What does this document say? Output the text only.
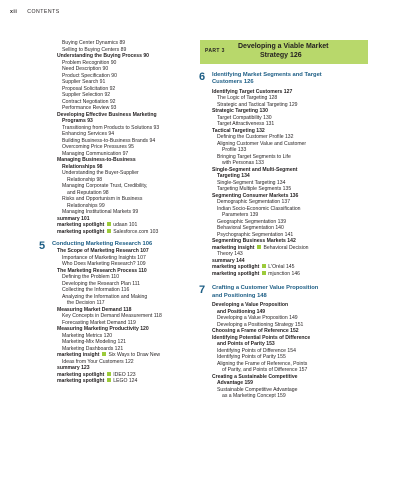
xii CONTENTS
Buying Center Dynamics 89
Selling to Buying Centers 89
Understanding the Buying Process 90
Problem Recognition 90
Need Description 90
Product Specification 90
Supplier Search 91
Proposal Solicitation 92
Supplier Selection 92
Contract Negotiation 92
Performance Review 93
Developing Effective Business Marketing
Programs 93
Transitioning from Products to Solutions 93
Enhancing Services 94
Building Business-to-Business Brands 94
Overcoming Price Pressures 95
Managing Communication 97
Managing Business-to-Business
Relationships 98
Understanding the Buyer-Supplier
Relationship 98
Managing Corporate Trust, Credibility,
and Reputation 98
Risks and Opportunism in Business
Relationships 99
Managing Institutional Markets 99
summary 101
marketing spotlight udaan 101
marketing spotlight Salesforce.com 103
5 Conducting Marketing Research 106
The Scope of Marketing Research 107
Importance of Marketing Insights 107
Who Does Marketing Research? 109
The Marketing Research Process 110
Defining the Problem 110
Developing the Research Plan 111
Collecting the Information 116
Analyzing the Information and Making
the Decision 117
Measuring Market Demand 118
Key Concepts in Demand Measurement 118
Forecasting Market Demand 119
Measuring Marketing Productivity 120
Marketing Metrics 120
Marketing-Mix Modeling 121
Marketing Dashboards 121
marketing insight Six Ways to Draw New
Ideas from Your Customers 122
summary 123
marketing spotlight IDEO 123
marketing spotlight LEGO 124
PART 3
Developing a Viable Market
Strategy 126
6 Identifying Market Segments and Target
Customers 126
Identifying Target Customers 127
The Logic of Targeting 128
Strategic and Tactical Targeting 129
Strategic Targeting 130
Target Compatibility 130
Target Attractiveness 131
Tactical Targeting 132
Defining the Customer Profile 132
Aligning Customer Value and Customer
Profile 133
Bringing Target Segments to Life
with Personas 133
Single-Segment and Multi-Segment
Targeting 134
Single-Segment Targeting 134
Targeting Multiple Segments 135
Segmenting Consumer Markets 136
Demographic Segmentation 137
Indian Socio-Economic Classification
Parameters 139
Geographic Segmentation 139
Behavioral Segmentation 140
Psychographic Segmentation 141
Segmenting Business Markets 142
marketing insight Behavioral Decision
Theory 143
summary 144
marketing spotlight L'Oréal 145
marketing spotlight mjunction 146
7 Crafting a Customer Value Proposition
and Positioning 148
Developing a Value Proposition
and Positioning 149
Developing a Value Proposition 149
Developing a Positioning Strategy 151
Choosing a Frame of Reference 152
Identifying Potential Points of Difference
and Points of Parity 153
Identifying Points of Difference 154
Identifying Points of Parity 155
Aligning the Frame of Reference, Points
of Parity, and Points of Difference 157
Creating a Sustainable Competitive
Advantage 159
Sustainable Competitive Advantage
as a Marketing Concept 159
